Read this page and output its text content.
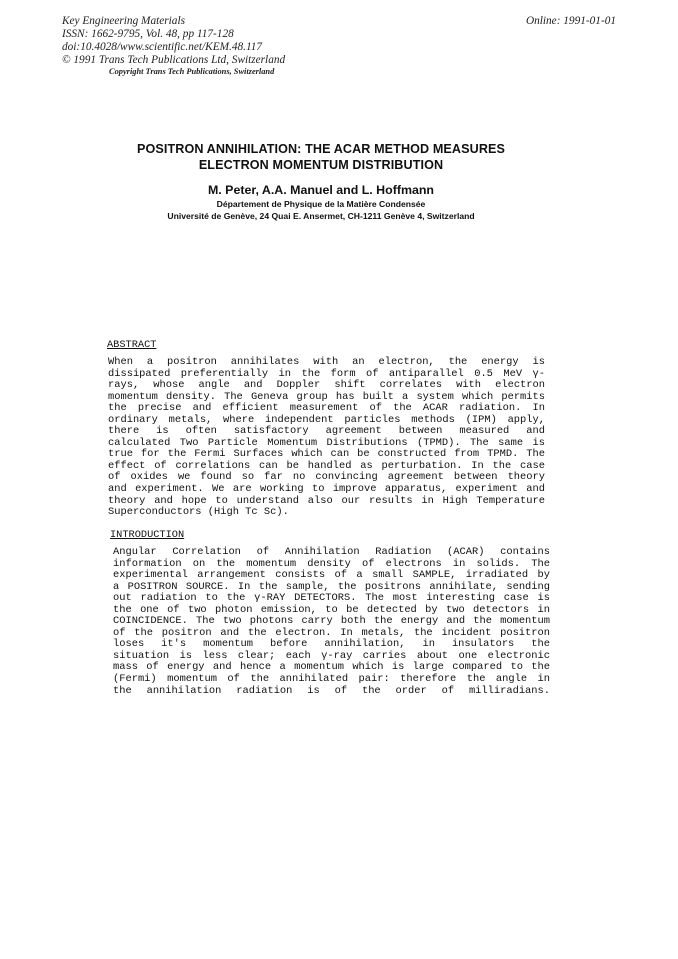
Key Engineering Materials
ISSN: 1662-9795, Vol. 48, pp 117-128
doi:10.4028/www.scientific.net/KEM.48.117
© 1991 Trans Tech Publications Ltd, Switzerland
Online: 1991-01-01
Copyright Trans Tech Publications, Switzerland
POSITRON ANNIHILATION: THE ACAR METHOD MEASURES
ELECTRON MOMENTUM DISTRIBUTION
M. Peter, A.A. Manuel and L. Hoffmann
Département de Physique de la Matière Condensée
Université de Genève, 24 Quai E. Ansermet, CH-1211 Genève 4, Switzerland
ABSTRACT
When a positron annihilates with an electron, the energy is
dissipated preferentially in the form of antiparallel 0.5 MeV γ-
rays, whose angle and Doppler shift correlates with electron
momentum density. The Geneva group has built a system which permits
the precise and efficient measurement of the ACAR radiation. In
ordinary metals, where independent particles methods (IPM) apply,
there is often satisfactory agreement between measured and
calculated Two Particle Momentum Distributions (TPMD). The same is
true for the Fermi Surfaces which can be constructed from TPMD. The
effect of correlations can be handled as perturbation. In the case
of oxides we found so far no convincing agreement between theory
and experiment. We are working to improve apparatus, experiment and
theory and hope to understand also our results in High Temperature
Superconductors (High Tc Sc).
INTRODUCTION
Angular Correlation of Annihilation Radiation (ACAR) contains
information on the momentum density of electrons in solids. The
experimental arrangement consists of a small SAMPLE, irradiated by
a POSITRON SOURCE. In the sample, the positrons annihilate, sending
out radiation to the γ-RAY DETECTORS. The most interesting case is
the one of two photon emission, to be detected by two detectors in
COINCIDENCE. The two photons carry both the energy and the momentum
of the positron and the electron. In metals, the incident positron
loses it's momentum before annihilation, in insulators the
situation is less clear; each γ-ray carries about one electronic
mass of energy and hence a momentum which is large compared to the
(Fermi) momentum of the annihilated pair: therefore the angle in
the annihilation radiation is of the order of milliradians.
